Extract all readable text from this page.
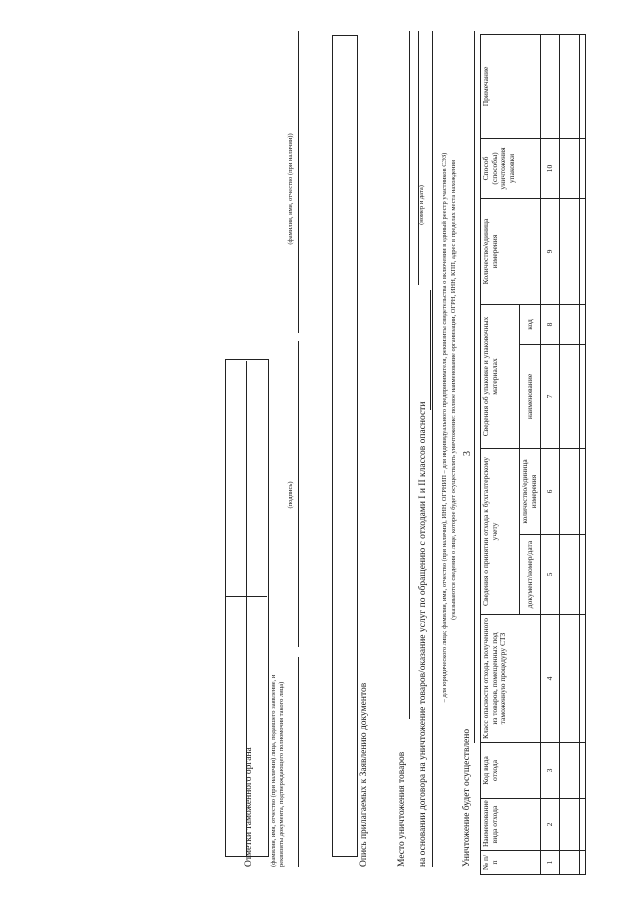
3
№ п/п	Наименование вида отхода	Код вида отхода	Класс опасности отхода, полученного из товаров, помещенных под таможенную процедуру СТЗ	Сведения о принятии отхода к бухгалтерскому учету		Сведения об упаковке и упаковочных материалах		Количество/единица измерения	Способ (способы) уничтожения упаковки	Примечание
				документ/номер/дата	количество/единица измерения	наименование	код			
1	2	3	4	5	6	7	8	9	10	

Уничтожение будет осуществлено
(указываются сведения о лице, которое будет осуществлять уничтожение: полное наименование организации, ОГРН, ИНН, КПП, адрес в пределах места нахождения
– для юридического лица; фамилия, имя, отчество (при наличии), ИНН, ОГРНИП – для индивидуального предпринимателя, реквизиты свидетельства о включении в единый реестр участников СЭЗ)
на основании договора на уничтожение товаров/оказание услуг по обращению с отходами I и II классов опасности
(номер и дата)
Место уничтожения товаров
Опись прилагаемых к Заявлению документов
(фамилия, имя, отчество (при наличии) лица, подавшего заявление, и реквизиты документа, подтверждающего полномочия такого лица)
(подпись)
(фамилия, имя, отчество (при наличии))
Отметки таможенного органа
